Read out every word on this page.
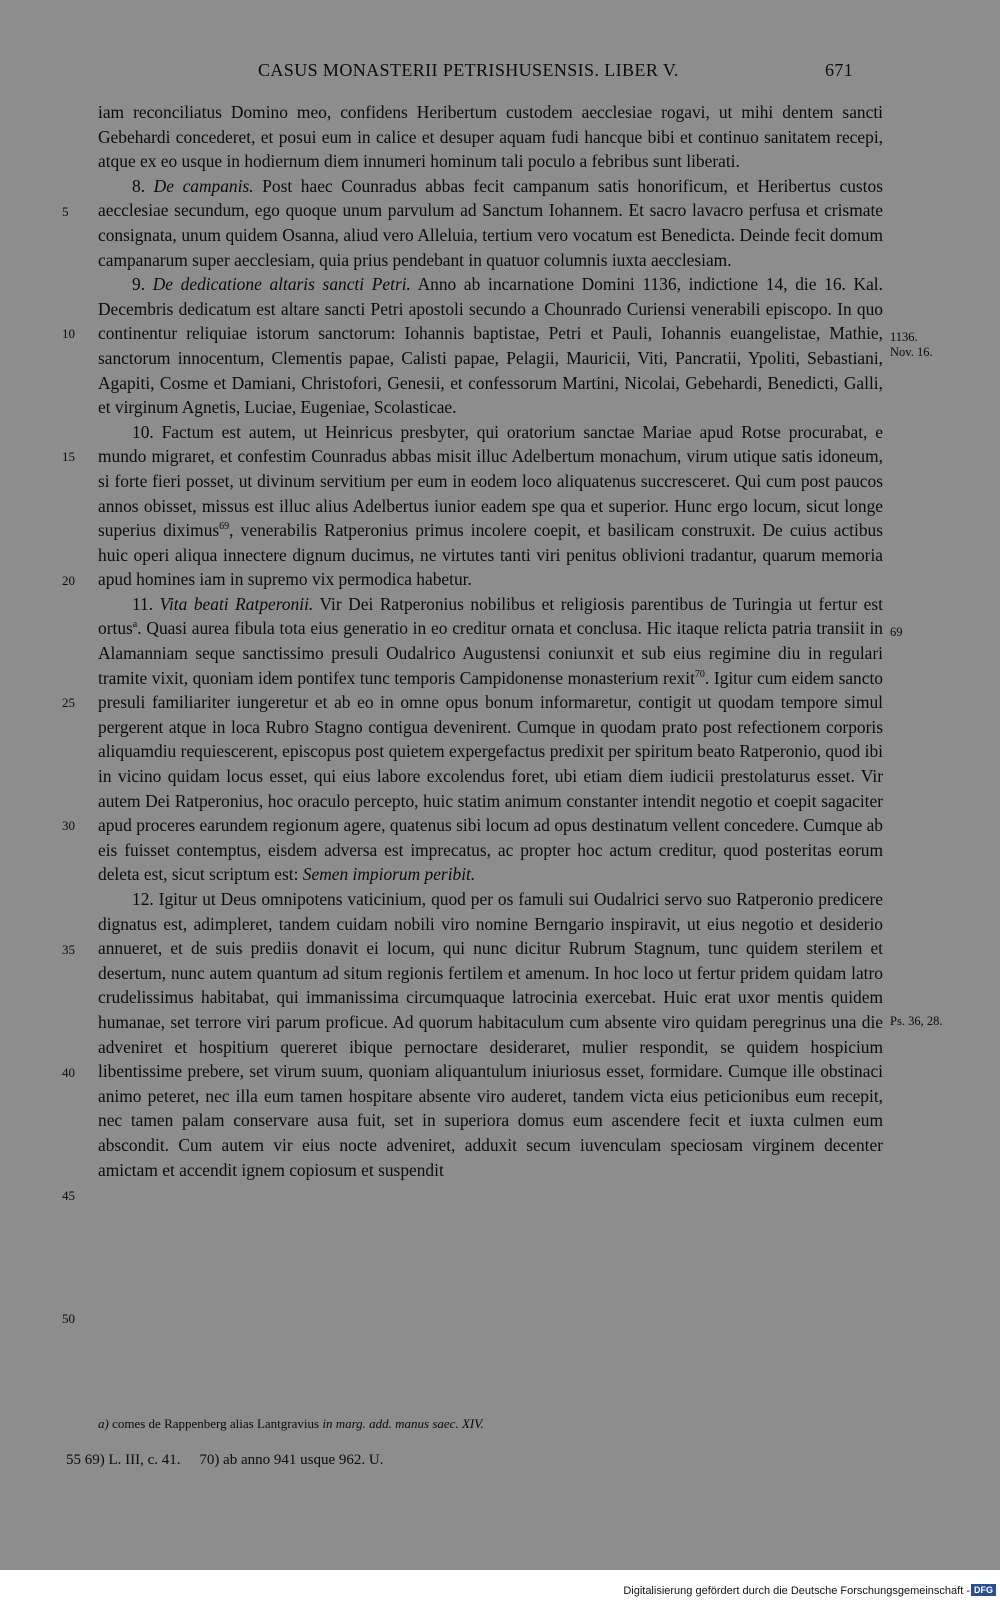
CASUS MONASTERII PETRISHUSENSIS. LIBER V.	671
5
10
15
20
25
30
35
40
45
50
1136.
Nov. 16.
69
Ps. 36, 28.

iam reconciliatus Domino meo, confidens Heribertum custodem aecclesiae rogavi, ut mihi dentem sancti Gebehardi concederet, et posui eum in calice et desuper aquam fudi hancque bibi et continuo sanitatem recepi, atque ex eo usque in hodiernum diem innumeri hominum tali poculo a febribus sunt liberati.

8. De campanis. Post haec Counradus abbas fecit campanum satis honorificum, et Heribertus custos aecclesiae secundum, ego quoque unum parvulum ad Sanctum Iohannem. Et sacro lavacro perfusa et crismate consignata, unum quidem Osanna, aliud vero Alleluia, tertium vero vocatum est Benedicta. Deinde fecit domum campanarum super aecclesiam, quia prius pendebant in quatuor columnis iuxta aecclesiam.

9. De dedicatione altaris sancti Petri. Anno ab incarnatione Domini 1136, indictione 14, die 16. Kal. Decembris dedicatum est altare sancti Petri apostoli secundo a Chounrado Curiensi venerabili episcopo. In quo continentur reliquiae istorum sanctorum: Iohannis baptistae, Petri et Pauli, Iohannis euangelistae, Mathie, sanctorum innocentum, Clementis papae, Calisti papae, Pelagii, Mauricii, Viti, Pancratii, Ypoliti, Sebastiani, Agapiti, Cosme et Damiani, Christofori, Genesii, et confessorum Martini, Nicolai, Gebehardi, Benedicti, Galli, et virginum Agnetis, Luciae, Eugeniae, Scolasticae.

10. Factum est autem, ut Heinricus presbyter, qui oratorium sanctae Mariae apud Rotse procurabat, e mundo migraret, et confestim Counradus abbas misit illuc Adelbertum monachum, virum utique satis idoneum, si forte fieri posset, ut divinum servitium per eum in eodem loco aliquatenus succresceret. Qui cum post paucos annos obisset, missus est illuc alius Adelbertus iunior eadem spe qua et superior. Hunc ergo locum, sicut longe superius diximus$^{69}$, venerabilis Ratperonius primus incolere coepit, et basilicam construxit. De cuius actibus huic operi aliqua innectere dignum ducimus, ne virtutes tanti viri penitus oblivioni tradantur, quarum memoria apud homines iam in supremo vix permodica habetur.

11. Vita beati Ratperonii. Vir Dei Ratperonius nobilibus et religiosis parentibus de Turingia ut fertur est ortus$^a$. Quasi aurea fibula tota eius generatio in eo creditur ornata et conclusa. Hic itaque relicta patria transiit in Alamanniam seque sanctissimo presuli Oudalrico Augustensi coniunxit et sub eius regimine diu in regulari tramite vixit, quoniam idem pontifex tunc temporis Campidonense monasterium rexit$^{70}$. Igitur cum eidem sancto presuli familiariter iungeretur et ab eo in omne opus bonum informaretur, contigit ut quodam tempore simul pergerent atque in loca Rubro Stagno contigua devenirent. Cumque in quodam prato post refectionem corporis aliquamdiu requiescerent, episcopus post quietem expergefactus predixit per spiritum beato Ratperonio, quod ibi in vicino quidam locus esset, qui eius labore excolendus foret, ubi etiam diem iudicii prestolaturus esset. Vir autem Dei Ratperonius, hoc oraculo percepto, huic statim animum constanter intendit negotio et coepit sagaciter apud proceres earundem regionum agere, quatenus sibi locum ad opus destinatum vellent concedere. Cumque ab eis fuisset contemptus, eisdem adversa est imprecatus, ac propter hoc actum creditur, quod posteritas eorum deleta est, sicut scriptum est: Semen impiorum peribit.

12. Igitur ut Deus omnipotens vaticinium, quod per os famuli sui Oudalrici servo suo Ratperonio predicere dignatus est, adimpleret, tandem cuidam nobili viro nomine Berngario inspiravit, ut eius negotio et desiderio annueret, et de suis prediis donavit ei locum, qui nunc dicitur Rubrum Stagnum, tunc quidem sterilem et desertum, nunc autem quantum ad situm regionis fertilem et amenum. In hoc loco ut fertur pridem quidam latro crudelissimus habitabat, qui immanissima circumquaque latrocinia exercebat. Huic erat uxor mentis quidem humanae, set terrore viri parum proficue. Ad quorum habitaculum cum absente viro quidam peregrinus una die adveniret et hospitium quereret ibique pernoctare desideraret, mulier respondit, se quidem hospicium libentissime prebere, set virum suum, quoniam aliquantulum iniuriosus esset, formidare. Cumque ille obstinaci animo peteret, nec illa eum tamen hospitare absente viro auderet, tandem victa eius peticionibus eum recepit, nec tamen palam conservare ausa fuit, set in superiora domus eum ascendere fecit et iuxta culmen eum abscondit. Cum autem vir eius nocte adveniret, adduxit secum iuvenculam speciosam virginem decenter amictam et accendit ignem copiosum et suspendit

a) comes de Rappenberg alias Lantgravius in marg. add. manus saec. XIV.
55 69) L. III, c. 41. 70) ab anno 941 usque 962. U.
Digitalisierung gefördert durch die Deutsche Forschungsgemeinschaft - DFG
